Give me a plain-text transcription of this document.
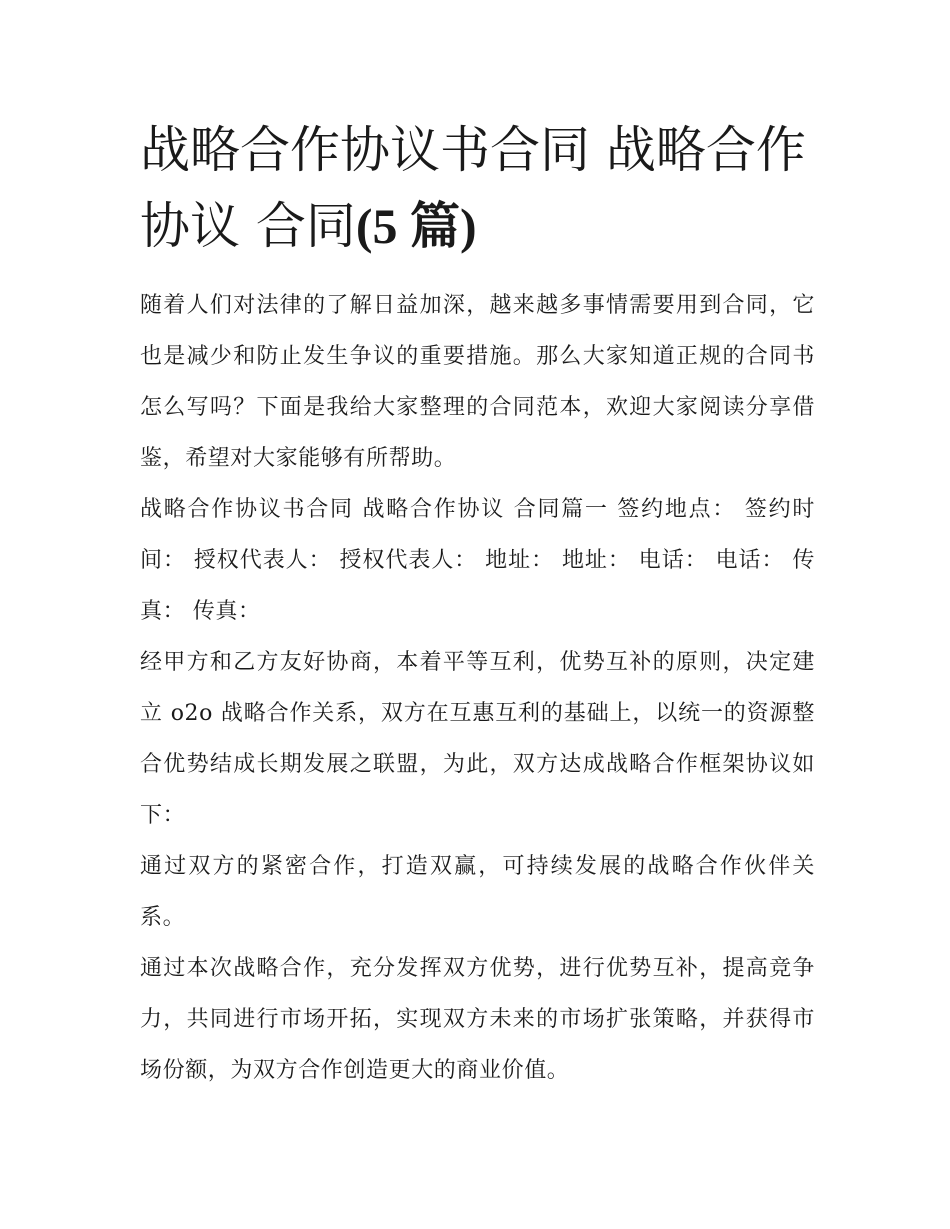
战略合作协议书合同 战略合作协议 合同(5 篇)

随着人们对法律的了解日益加深，越来越多事情需要用到合同，它也是减少和防止发生争议的重要措施。那么大家知道正规的合同书怎么写吗？下面是我给大家整理的合同范本，欢迎大家阅读分享借鉴，希望对大家能够有所帮助。

战略合作协议书合同 战略合作协议 合同篇一 签约地点： 签约时间： 授权代表人： 授权代表人： 地址： 地址： 电话： 电话： 传真： 传真：

经甲方和乙方友好协商，本着平等互利，优势互补的原则，决定建立 o2o 战略合作关系，双方在互惠互利的基础上，以统一的资源整合优势结成长期发展之联盟，为此，双方达成战略合作框架协议如下：

通过双方的紧密合作，打造双赢，可持续发展的战略合作伙伴关系。

通过本次战略合作，充分发挥双方优势，进行优势互补，提高竞争力，共同进行市场开拓，实现双方未来的市场扩张策略，并获得市场份额，为双方合作创造更大的商业价值。
